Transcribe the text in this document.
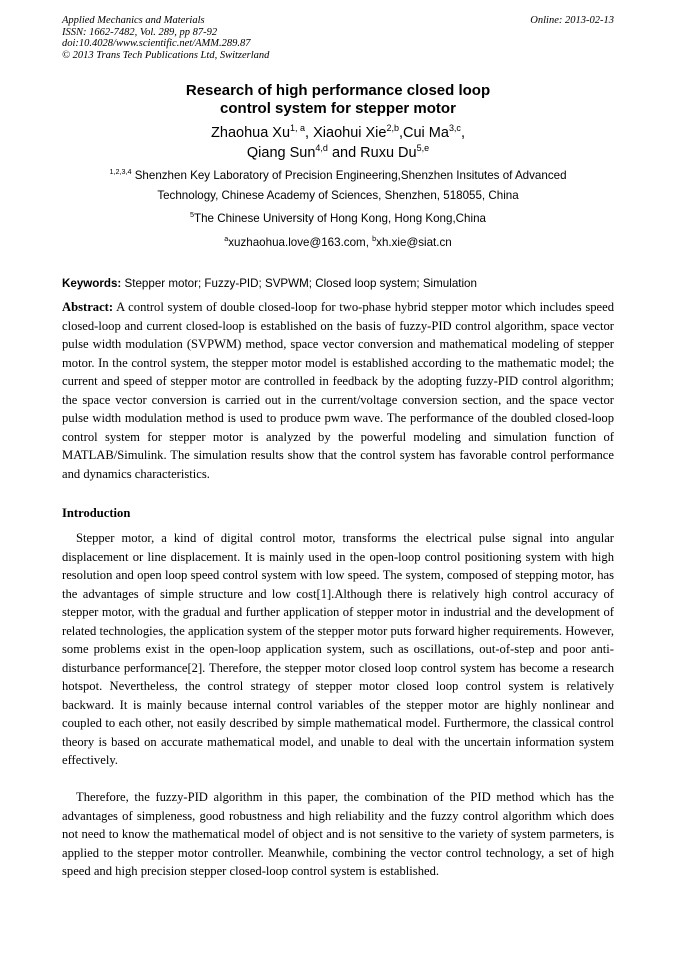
Applied Mechanics and Materials
ISSN: 1662-7482, Vol. 289, pp 87-92
doi:10.4028/www.scientific.net/AMM.289.87
© 2013 Trans Tech Publications Ltd, Switzerland
Online: 2013-02-13
Research of high performance closed loop
control system for stepper motor
Zhaohua Xu$^{1, a}$, Xiaohui Xie$^{2,b}$,Cui Ma$^{3,c}$,
Qiang Sun$^{4,d}$ and Ruxu Du$^{5,e}$
$^{1,2,3,4}$ Shenzhen Key Laboratory of Precision Engineering,Shenzhen Insitutes of Advanced
Technology, Chinese Academy of Sciences, Shenzhen, 518055, China
$^5$The Chinese University of Hong Kong, Hong Kong,China
$^a$xuzhaohua.love@163.com, $^b$xh.xie@siat.cn
Keywords: Stepper motor; Fuzzy-PID; SVPWM; Closed loop system; Simulation
Abstract: A control system of double closed-loop for two-phase hybrid stepper motor which includes speed closed-loop and current closed-loop is established on the basis of fuzzy-PID control algorithm, space vector pulse width modulation (SVPWM) method, space vector conversion and mathematical modeling of stepper motor. In the control system, the stepper motor model is established according to the mathematic model; the current and speed of stepper motor are controlled in feedback by the adopting fuzzy-PID control algorithm; the space vector conversion is carried out in the current/voltage conversion section, and the space vector pulse width modulation method is used to produce pwm wave. The performance of the doubled closed-loop control system for stepper motor is analyzed by the powerful modeling and simulation function of MATLAB/Simulink. The simulation results show that the control system has favorable control performance and dynamics characteristics.
Introduction
Stepper motor, a kind of digital control motor, transforms the electrical pulse signal into angular displacement or line displacement. It is mainly used in the open-loop control positioning system with high resolution and open loop speed control system with low speed. The system, composed of stepping motor, has the advantages of simple structure and low cost[1].Although there is relatively high control accuracy of stepper motor, with the gradual and further application of stepper motor in industrial and the development of related technologies, the application system of the stepper motor puts forward higher requirements. However, some problems exist in the open-loop application system, such as oscillations, out-of-step and poor anti-disturbance performance[2]. Therefore, the stepper motor closed loop control system has become a research hotspot. Nevertheless, the control strategy of stepper motor closed loop control system is relatively backward. It is mainly because internal control variables of the stepper motor are highly nonlinear and coupled to each other, not easily described by simple mathematical model. Furthermore, the classical control theory is based on accurate mathematical model, and unable to deal with the uncertain information system effectively.
Therefore, the fuzzy-PID algorithm in this paper, the combination of the PID method which has the advantages of simpleness, good robustness and high reliability and the fuzzy control algorithm which does not need to know the mathematical model of object and is not sensitive to the variety of system parmeters, is applied to the stepper motor controller. Meanwhile, combining the vector control technology, a set of high speed and high precision stepper closed-loop control system is established.
